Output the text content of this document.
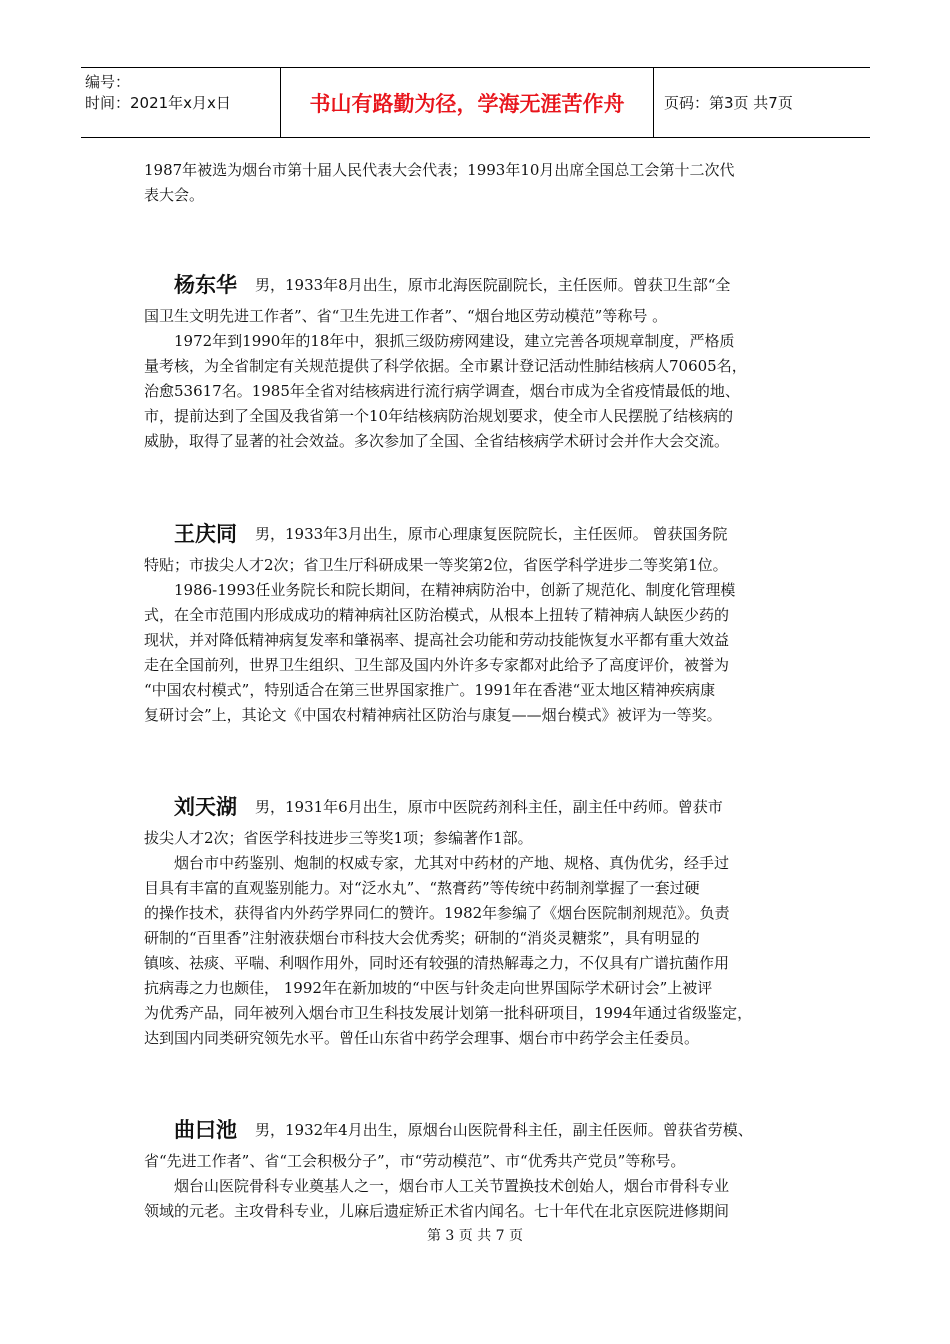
编号：
时间：2021年x月x日	书山有路勤为径，学海无涯苦作舟	页码：第3页 共7页

1987年被选为烟台市第十届人民代表大会代表；1993年10月出席全国总工会第十二次代

表大会。

杨东华 男，1933年8月出生，原市北海医院副院长，主任医师。曾获卫生部“全

国卫生文明先进工作者”、省“卫生先进工作者”、“烟台地区劳动模范”等称号 。

1972年到1990年的18年中，狠抓三级防痨网建设，建立完善各项规章制度，严格质

量考核，为全省制定有关规范提供了科学依据。全市累计登记活动性肺结核病人70605名，

治愈53617名。1985年全省对结核病进行流行病学调查，烟台市成为全省疫情最低的地、

市，提前达到了全国及我省第一个10年结核病防治规划要求，使全市人民摆脱了结核病的

威胁，取得了显著的社会效益。多次参加了全国、全省结核病学术研讨会并作大会交流。

王庆同 男，1933年3月出生，原市心理康复医院院长，主任医师。 曾获国务院

特贴；市拔尖人才2次；省卫生厅科研成果一等奖第2位，省医学科学进步二等奖第1位。

1986-1993任业务院长和院长期间，在精神病防治中，创新了规范化、制度化管理模

式，在全市范围内形成成功的精神病社区防治模式，从根本上扭转了精神病人缺医少药的

现状，并对降低精神病复发率和肇祸率、提高社会功能和劳动技能恢复水平都有重大效益

走在全国前列，世界卫生组织、卫生部及国内外许多专家都对此给予了高度评价，被誉为

“中国农村模式”，特别适合在第三世界国家推广。1991年在香港“亚太地区精神疾病康

复研讨会”上，其论文《中国农村精神病社区防治与康复——烟台模式》被评为一等奖。

刘天湖 男，1931年6月出生，原市中医院药剂科主任，副主任中药师。曾获市

拔尖人才2次；省医学科技进步三等奖1项；参编著作1部。

烟台市中药鉴别、炮制的权威专家，尤其对中药材的产地、规格、真伪优劣，经手过

目具有丰富的直观鉴别能力。对“泛水丸”、“熬膏药”等传统中药制剂掌握了一套过硬

的操作技术，获得省内外药学界同仁的赞许。1982年参编了《烟台医院制剂规范》。负责

研制的“百里香”注射液获烟台市科技大会优秀奖；研制的“消炎灵糖浆”，具有明显的

镇咳、祛痰、平喘、利咽作用外，同时还有较强的清热解毒之力，不仅具有广谱抗菌作用

抗病毒之力也颇佳， 1992年在新加坡的“中医与针灸走向世界国际学术研讨会”上被评

为优秀产品，同年被列入烟台市卫生科技发展计划第一批科研项目，1994年通过省级鉴定，

达到国内同类研究领先水平。曾任山东省中药学会理事、烟台市中药学会主任委员。

曲曰池 男，1932年4月出生，原烟台山医院骨科主任，副主任医师。曾获省劳模、

省“先进工作者”、省“工会积极分子”，市“劳动模范”、市“优秀共产党员”等称号。

烟台山医院骨科专业奠基人之一，烟台市人工关节置换技术创始人，烟台市骨科专业

领域的元老。主攻骨科专业，儿麻后遗症矫正术省内闻名。七十年代在北京医院进修期间

第 3 页 共 7 页
